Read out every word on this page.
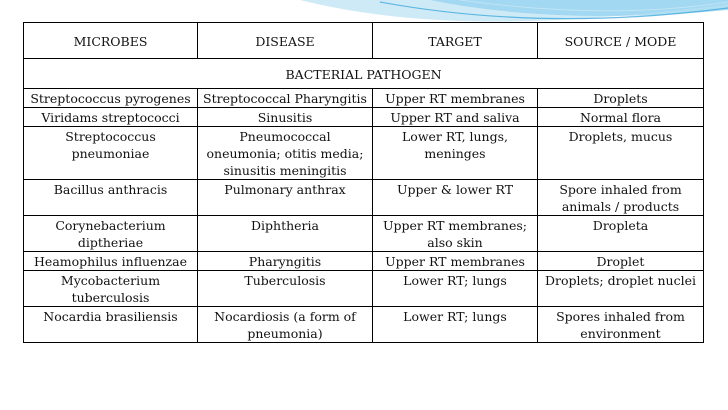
MICROBES	DISEASE	TARGET	SOURCE / MODE
BACTERIAL PATHOGEN			
Streptococcus pyrogenes	Streptococcal Pharyngitis	Upper RT membranes	Droplets
Viridams streptococci	Sinusitis	Upper RT and saliva	Normal flora
Streptococcus pneumoniae	Pneumococcal oneumonia; otitis media; sinusitis meningitis	Lower RT, lungs, meninges	Droplets, mucus
Bacillus anthracis	Pulmonary anthrax	Upper & lower RT	Spore inhaled from animals / products
Corynebacterium diptheriae	Diphtheria	Upper RT membranes; also skin	Dropleta
Heamophilus influenzae	Pharyngitis	Upper RT membranes	Droplet
Mycobacterium tuberculosis	Tuberculosis	Lower RT; lungs	Droplets; droplet nuclei
Nocardia brasiliensis	Nocardiosis (a form of pneumonia)	Lower RT; lungs	Spores inhaled from environment
